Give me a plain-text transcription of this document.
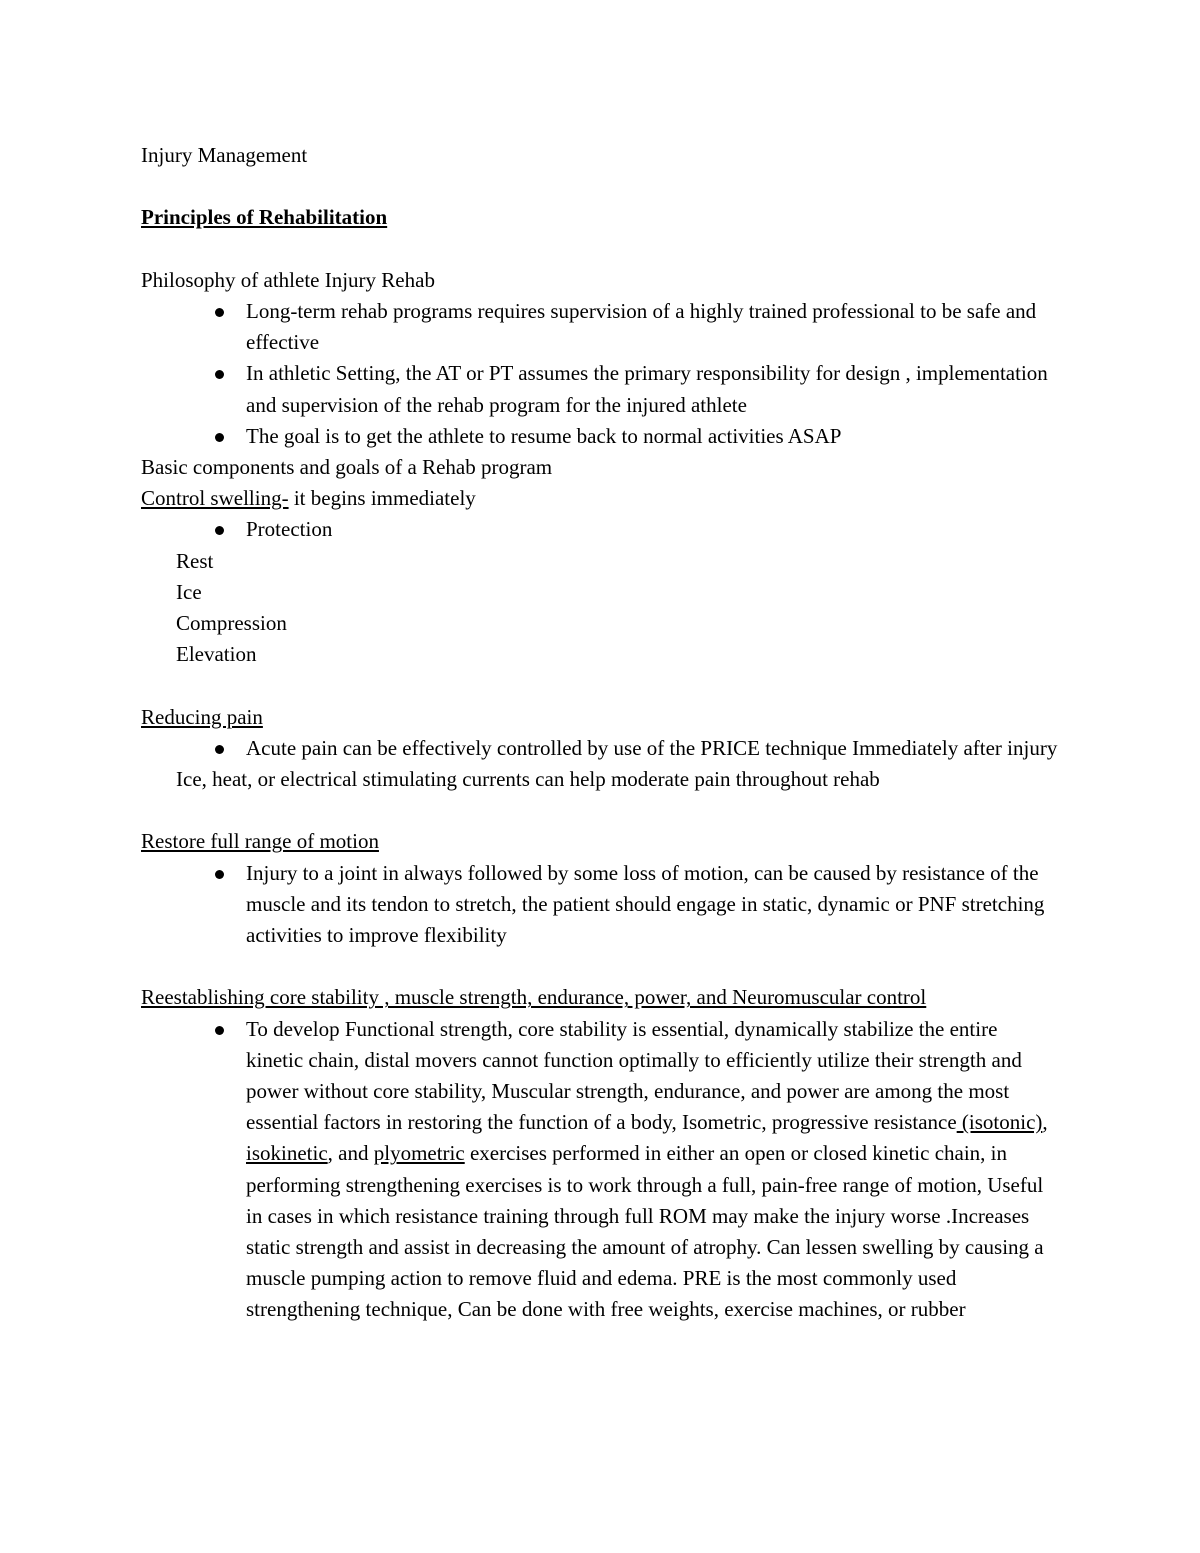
Injury Management

Principles of Rehabilitation

Philosophy of athlete Injury Rehab

Long-term rehab programs requires supervision of a highly trained professional to be safe and effective
In athletic Setting, the AT or PT assumes the primary responsibility for design , implementation and supervision of the rehab program for the injured athlete
The goal is to get the athlete to resume back to normal activities ASAP

Basic components and goals of a Rehab program

Control swelling- it begins immediately

Protection

Rest

Ice

Compression

Elevation

Reducing pain

Acute pain can be effectively controlled by use of the PRICE technique Immediately after injury

Ice, heat, or electrical stimulating currents can help moderate pain throughout rehab

Restore full range of motion

Injury to a joint in always followed by some loss of motion, can be caused by resistance of the muscle and its tendon to stretch, the patient should engage in static, dynamic or PNF stretching activities to improve flexibility

Reestablishing core stability , muscle strength, endurance, power, and Neuromuscular control

To develop Functional strength, core stability is essential, dynamically stabilize the entire kinetic chain, distal movers cannot function optimally to efficiently utilize their strength and power without core stability, Muscular strength, endurance, and power are among the most essential factors in restoring the function of a body, Isometric, progressive resistance (isotonic), isokinetic, and plyometric exercises performed in either an open or closed kinetic chain, in performing strengthening exercises is to work through a full, pain-free range of motion, Useful in cases in which resistance training through full ROM may make the injury worse .Increases static strength and assist in decreasing the amount of atrophy. Can lessen swelling by causing a muscle pumping action to remove fluid and edema. PRE is the most commonly used strengthening technique, Can be done with free weights, exercise machines, or rubber
